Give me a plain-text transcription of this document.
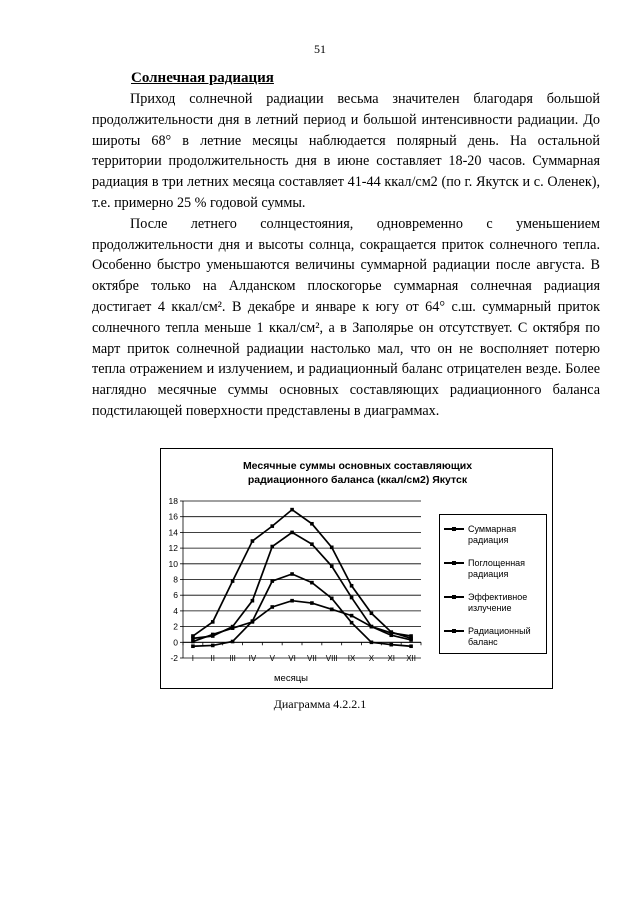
51
Солнечная радиация

Приход солнечной радиации весьма значителен благодаря большой продолжительности дня в летний период и большой интенсивности радиации. До широты 68° в летние месяцы наблюдается полярный день. На остальной территории продолжительность дня в июне составляет 18-20 часов. Суммарная радиация в три летних месяца составляет 41-44 ккал/см2 (по г. Якутск и с. Оленек), т.е. примерно 25 % годовой суммы.

После летнего солнцестояния, одновременно с уменьшением продолжительности дня и высоты солнца, сокращается приток солнечного тепла. Особенно быстро уменьшаются величины суммарной радиации после августа. В октябре только на Алданском плоскогорье суммарная солнечная радиация достигает 4 ккал/см². В декабре и январе к югу от 64° с.ш. суммарный приток солнечного тепла меньше 1 ккал/см², а в Заполярье он отсутствует. С октября по март приток солнечной радиации настолько мал, что он не восполняет потерю тепла отражением и излучением, и радиационный баланс отрицателен везде. Более наглядно месячные суммы основных составляющих радиационного баланса подстилающей поверхности представлены в диаграммах.

Месячные суммы основных составляющих
радиационного баланса (ккал/см2) Якутск
18
16
14
12
10
8
6
4
2
0
-2 I II III IV V VI VII VIII IX X XI XII
месяцы
Суммарная радиация
Поглощенная радиация
Эффективное излучение
Радиационный баланс
Диаграмма 4.2.2.1
